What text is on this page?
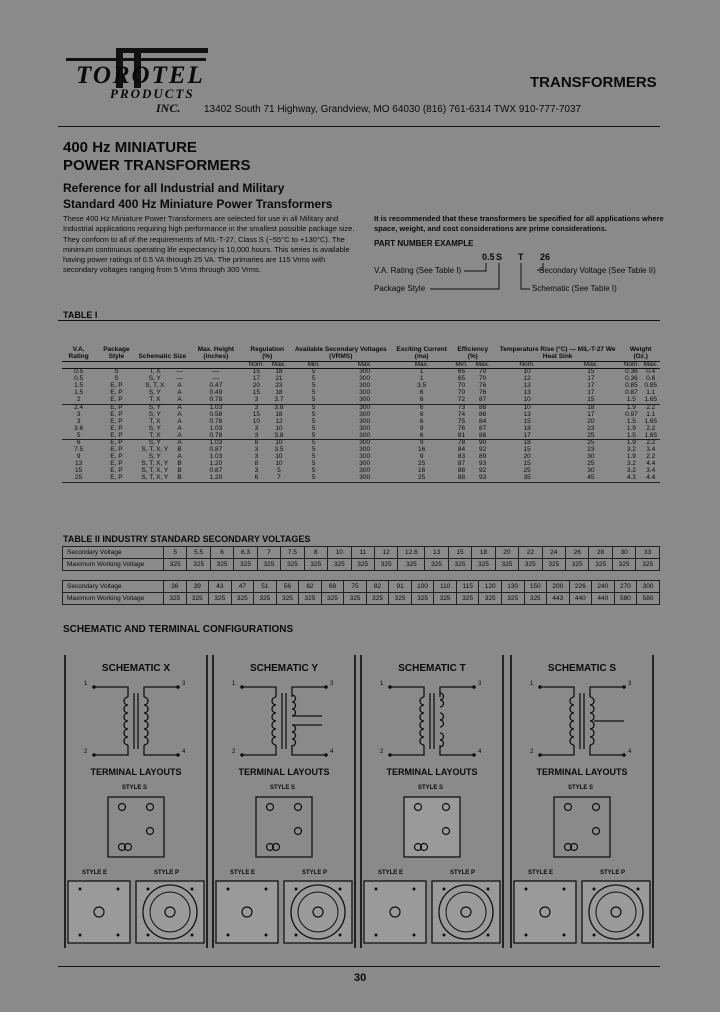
TOROTEL
PRODUCTS
INC.
TRANSFORMERS
13402 South 71 Highway, Grandview, MO 64030 (816) 761-6314 TWX 910-777-7037
400 Hz MINIATURE
POWER TRANSFORMERS
Reference for all Industrial and Military
Standard 400 Hz Miniature Power Transformers
These 400 Hz Miniature Power Transformers are selected for use in all Military and Industrial applications requiring high performance in the smallest possible package size. They conform to all of the requirements of MIL-T-27, Class S (−55°C to +130°C). The minimum continuous operating life expectancy is 10,000 hours. This series is available having power ratings of 0.5 VA through 25 VA. The primaries are 115 Vrms with secondary voltages ranging from 5 Vrms through 300 Vrms.
It is recommended that these transformers be specified for all applications where space, weight, and cost considerations are prime considerations.
PART NUMBER EXAMPLE
0.5 S T 26
V.A. Rating (See Table I)
Package Style
Secondary Voltage (See Table II)
Schematic (See Table I)
TABLE I
V.A. Rating	Package Style	Schematic	Size	Max. Height (inches)	Regulation (%)		Available Secondary Voltages (VRMS)		Exciting Current (ma)	Efficiency (%)		Temperature Rise (°C) — MIL-T-27 We Heat Sink		Weight (Oz.)	
					Nom.	Max.	Min.	Max.	Max.	Min.	Max.	Nom.	Max.	Nom.	Max.
0.5	S	T, X	—	—	15	18	5	300	1	65	70	10	15	0.36	0.4
0.5	S	S, Y	—	—	17	21	5	300	1	65	70	12	17	0.36	0.6
1.5	E, P	S, T, X	A	0.47	20	23	5	300	3.5	70	76	13	17	0.85	0.85
1.5	E, P	S, Y	A	0.49	15	18	5	300	6	70	76	13	17	0.87	1.1
2	E, P	T, X	A	0.78	3	3.7	5	300	6	72	87	10	15	1.5	1.65
2.4	E, P	S, Y	A	1.03	3	3.8	5	300	6	73	88	10	18	1.9	2.2
3	E, P	S, Y	A	0.58	15	18	5	300	6	74	88	13	17	0.97	1.1
3	E, P	T, X	A	0.78	10	12	5	300	6	75	84	15	20	1.5	1.65
3.6	E, P	S, Y	A	1.03	3	10	5	300	9	76	87	18	23	1.9	2.2
5	E, P	T, X	A	0.78	3	3.8	5	300	6	81	88	17	25	1.5	1.65
6	E, P	S, Y	A	1.03	8	10	5	300	9	78	90	18	25	1.9	2.2
7.5	E, P	S, T, X, Y	B	0.87	3	3.5	5	300	16	84	92	15	23	3.2	3.4
9	E, P	S, Y	A	1.03	3	10	5	300	9	83	89	20	30	1.9	2.2
13	E, P	S, T, X, Y	B	1.20	8	10	5	300	25	87	93	15	25	3.2	4.4
15	E, P	S, T, X, Y	B	0.87	3	5	5	300	16	88	92	25	30	3.2	3.4
25	E, P	S, T, X, Y	B	1.20	6	7	5	300	25	88	93	35	45	4.3	4.4
TABLE II INDUSTRY STANDARD SECONDARY VOLTAGES
Secondary Voltage	5	5.5	6	6.3	7	7.5	8	10	11	12	12.6	13	15	18	20	22	24	26	28	30	33
Maximum Working Voltage	325	325	325	325	325	325	325	325	325	325	325	325	325	325	325	325	325	325	325	325	325
Secondary Voltage	36	39	43	47	51	56	62	68	75	82	91	100	110	115	120	130	150	200	226	240	270	300
Maximum Working Voltage	325	325	325	325	325	325	325	325	325	325	325	325	325	325	325	325	325	443	440	440	580	580
SCHEMATIC AND TERMINAL CONFIGURATIONS
SCHEMATIC X
1
2
3
4
TERMINAL LAYOUTS
STYLE S
STYLE E	STYLE P
SCHEMATIC Y
1
2
3
4
TERMINAL LAYOUTS
STYLE S
STYLE E	STYLE P
SCHEMATIC T
1
2
3
4
TERMINAL LAYOUTS
STYLE S
STYLE E	STYLE P
SCHEMATIC S
1
2
3
4
TERMINAL LAYOUTS
STYLE S
STYLE E	STYLE P
30
